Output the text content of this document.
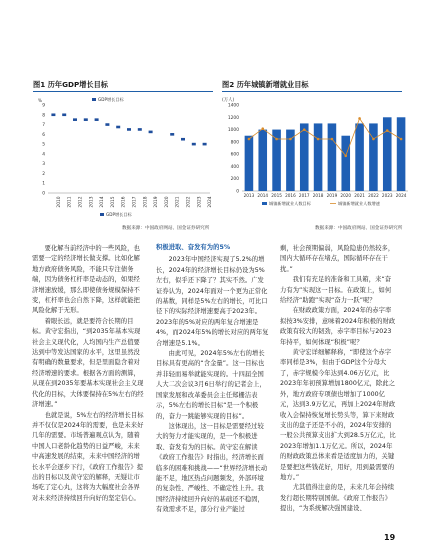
图1 历年GDP增长目标
GDP增长目标
%
0
1
2
3
4
5
6
7
8
9
2010 2011 2012 2013 2014 2015 2016 2017 2018 2019 2020 2021 2022 2023 2024
GDP增长目标
数据来源：中国政府网站、国金证券研究所
图2 历年城镇新增就业目标
(万人)
0
200
400
600
800
1000
1200
1400
2013 2014 2015 2016 2017 2018 2019 2020 2021 2022 2023 2024
城镇新增就业人数目标	城镇新增就业人数增速
数据来源：中国政府网站、国金证券研究所

要化解当前经济中的一些风险，也需要一定的经济增长做支撑。比如化解地方政府债务风险，不能只专注债务端，因为债务杠杆率是动态的，如果经济增速放缓，那么即使债务规模保持不变，杠杆率也会自然下降，这样就能把风险化解于无形。

着眼长远，就是要符合长期的目标。黄守宏指出，“到2035年基本实现社会主义现代化，人均国内生产总值要达到中等发达国家的水平，这里虽然没有明确的数量要求，但是里面隐含着对经济增速的要求。根据各方面的测算，从现在到2035年要基本实现社会主义现代化的目标，大体要保持在5%左右的经济增速。”

也就是说，5%左右的经济增长目标并不仅仅是2024年的需要，也是未来好几年的需要。市场普遍观点认为，随着中国人口老龄化趋势的日益严峻，未来中高速发展的结束，未来中国经济的增长水平会逐步下行，《政府工作报告》提出的目标以及黄守宏的解释，无疑让市场吃了定心丸，这将为大幅度社会各界对未来经济持续回升向好的坚定信心。

积极进取、奋发有为的5%

2023年中国经济实现了5.2%的增长，2024年的经济增长目标仍设为5%左右，似乎还下降了？其实不然。广发证券认为，2024年面对一个更为正常化的基数，同样是5%左右的增长，可比口径下的实际经济增速要高于2023年。2023年的5%对应的两年复合增速是4%，而2024年5%的增长对应的两年复合增速是5.1%。

由此可见，2024年5%左右的增长目标具有更高的“含金量”。这一目标也并非轻而易举就能实现的。十四届全国人大二次会议3月6日举行的记者会上，国家发展和改革委员会主任郑栅洁表示，5%左右的增长目标“是一个积极的，奋力一跳能够实现的目标”。

这体现出，这一目标是需要经过较大的努力才能实现的，是一个积极进取、奋发有为的目标。黄守宏在解读《政府工作报告》时指出，经济增长面临多的困难和挑战——“世界经济增长动能不足，地区热点问题频发，外部环境的复杂性、严峻性、不确定性上升。我国经济持续回升向好的基础还不稳固，有效需求不足，部分行业产能过

剩，社会预期偏弱，风险隐患仍然较多，国内大循环存在堵点，国际循环存在干扰。”

我们有充足的准备和工具箱，来“奋力有为”实现这一目标。在政策上，如何给经济“助跑”实现“奋力一跃”呢？

在财政政策方面，2024年的赤字率拟按3%安排，意味着2024年积极的财政政策有较大的韧劲，赤字率目标与2023年持平，如何体现“积极”呢？

黄守宏详细解释称，“即使这个赤字率同样是3%，但由于GDP这个分母大了，赤字规模今年达到4.06万亿元，比2023年年初预算增加1800亿元，除此之外，地方政府专项债也增加了1000亿元，达到3.9万亿元，再加上2024年财政收入会保持恢复增长势头等，算下来财政支出的盘子还是不小的，2024年安排的一般公共预算支出扩大到28.5万亿元，比2023年增加1.1万亿元。所以，2024年的财政政策总体来看是适度加力的，关键是要把这些钱花好，用好，用到最需要的地方。”

尤其值得注意的是，未来几年会持续发行超长期特别国债。《政府工作报告》提出，“为系统解决强国建设、

19
